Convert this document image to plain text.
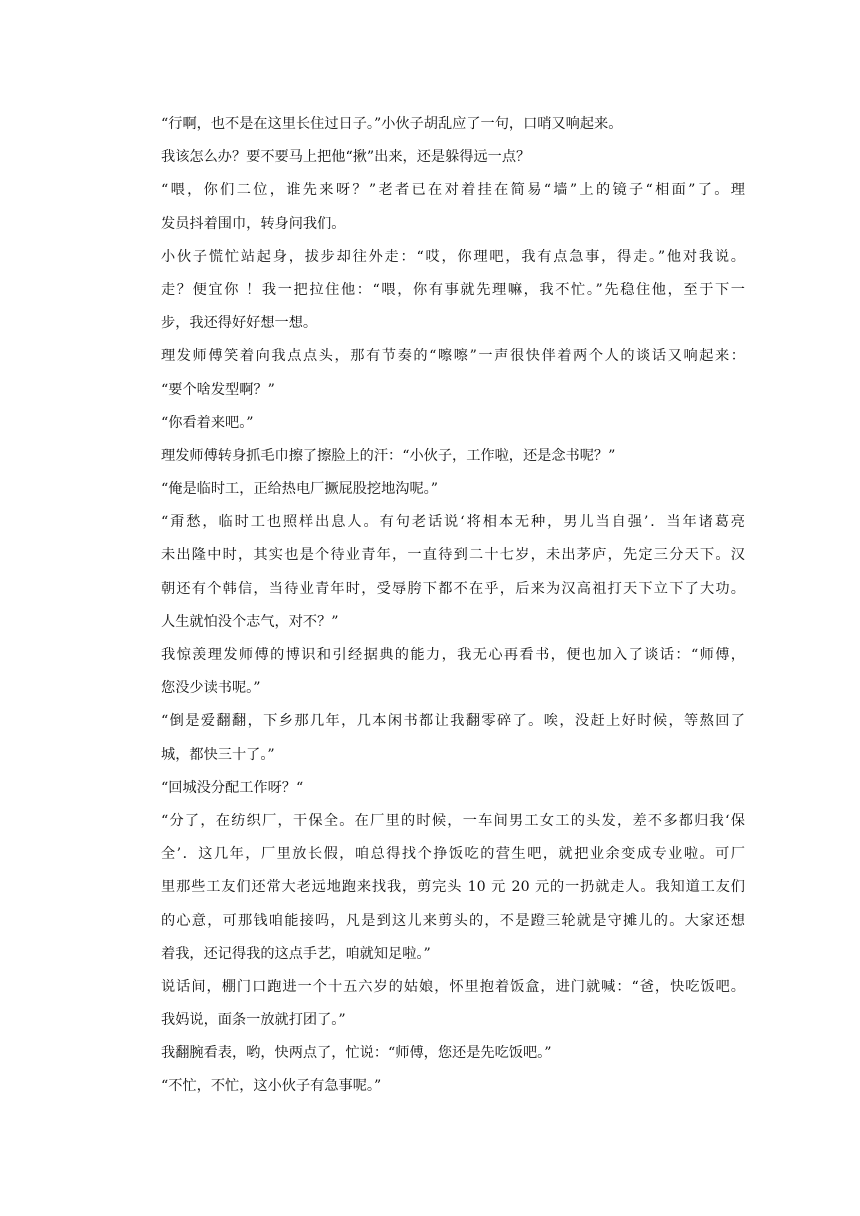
“行啊，也不是在这里长住过日子。”小伙子胡乱应了一句，口哨又响起来。
我该怎么办？要不要马上把他“揪”出来，还是躲得远一点？
“喂，你们二位，谁先来呀？”老者已在对着挂在简易“墙”上的镜子“相面”了。理
发员抖着围巾，转身问我们。
小伙子慌忙站起身，拔步却往外走：“哎，你理吧，我有点急事，得走。”他对我说。
走？便宜你 ！我一把拉住他：“喂，你有事就先理嘛，我不忙。”先稳住他，至于下一
步，我还得好好想一想。
理发师傅笑着向我点点头，那有节奏的“嚓嚓”一声很快伴着两个人的谈话又响起来：
“要个啥发型啊？”
“你看着来吧。”
理发师傅转身抓毛巾擦了擦脸上的汗：“小伙子，工作啦，还是念书呢？”
“俺是临时工，正给热电厂撅屁股挖地沟呢。”
“甭愁，临时工也照样出息人。有句老话说‘将相本无种，男儿当自强’．当年诸葛亮
未出隆中时，其实也是个待业青年，一直待到二十七岁，未出茅庐，先定三分天下。汉
朝还有个韩信，当待业青年时，受辱胯下都不在乎，后来为汉高祖打天下立下了大功。
人生就怕没个志气，对不？”
我惊羡理发师傅的博识和引经据典的能力，我无心再看书，便也加入了谈话：“师傅，
您没少读书呢。”
“倒是爱翻翻，下乡那几年，几本闲书都让我翻零碎了。唉，没赶上好时候，等熬回了
城，都快三十了。”
“回城没分配工作呀？“
“分了，在纺织厂，干保全。在厂里的时候，一车间男工女工的头发，差不多都归我‘保
全’．这几年，厂里放长假，咱总得找个挣饭吃的营生吧，就把业余变成专业啦。可厂
里那些工友们还常大老远地跑来找我，剪完头 10 元 20 元的一扔就走人。我知道工友们
的心意，可那钱咱能接吗，凡是到这儿来剪头的，不是蹬三轮就是守摊儿的。大家还想
着我，还记得我的这点手艺，咱就知足啦。”
说话间，棚门口跑进一个十五六岁的姑娘，怀里抱着饭盒，进门就喊：“爸，快吃饭吧。
我妈说，面条一放就打团了。”
我翻腕看表，哟，快两点了，忙说：“师傅，您还是先吃饭吧。”
“不忙，不忙，这小伙子有急事呢。”
